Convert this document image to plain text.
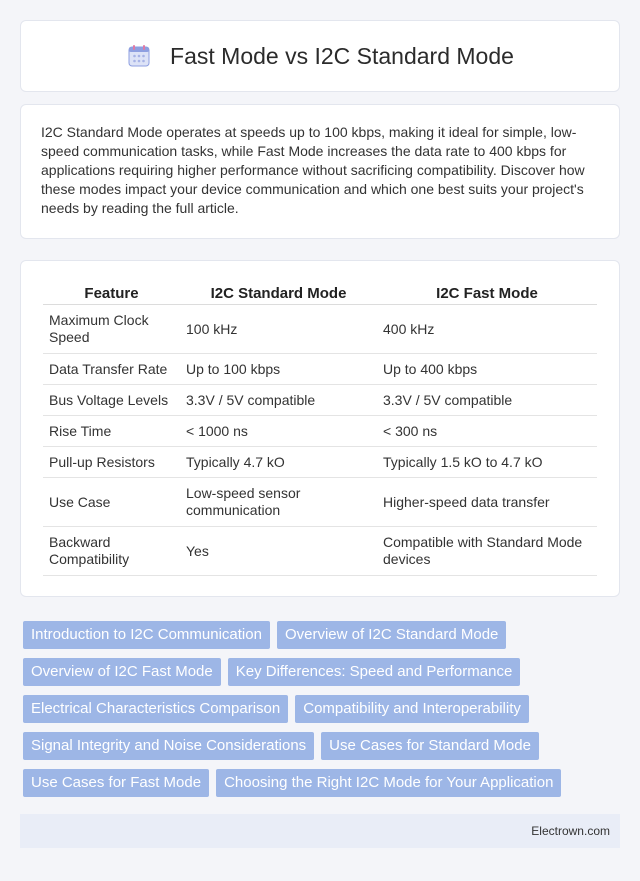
Fast Mode vs I2C Standard Mode

I2C Standard Mode operates at speeds up to 100 kbps, making it ideal for simple, low-speed communication tasks, while Fast Mode increases the data rate to 400 kbps for applications requiring higher performance without sacrificing compatibility. Discover how these modes impact your device communication and which one best suits your project's needs by reading the full article.

Feature	I2C Standard Mode	I2C Fast Mode
Maximum Clock Speed	100 kHz	400 kHz
Data Transfer Rate	Up to 100 kbps	Up to 400 kbps
Bus Voltage Levels	3.3V / 5V compatible	3.3V / 5V compatible
Rise Time	< 1000 ns	< 300 ns
Pull-up Resistors	Typically 4.7 kO	Typically 1.5 kO to 4.7 kO
Use Case	Low-speed sensor communication	Higher-speed data transfer
Backward Compatibility	Yes	Compatible with Standard Mode devices
Introduction to I2C Communication	Overview of I2C Standard Mode
Overview of I2C Fast Mode	Key Differences: Speed and Performance
Electrical Characteristics Comparison	Compatibility and Interoperability
Signal Integrity and Noise Considerations	Use Cases for Standard Mode
Use Cases for Fast Mode	Choosing the Right I2C Mode for Your Application
Electrown.com
